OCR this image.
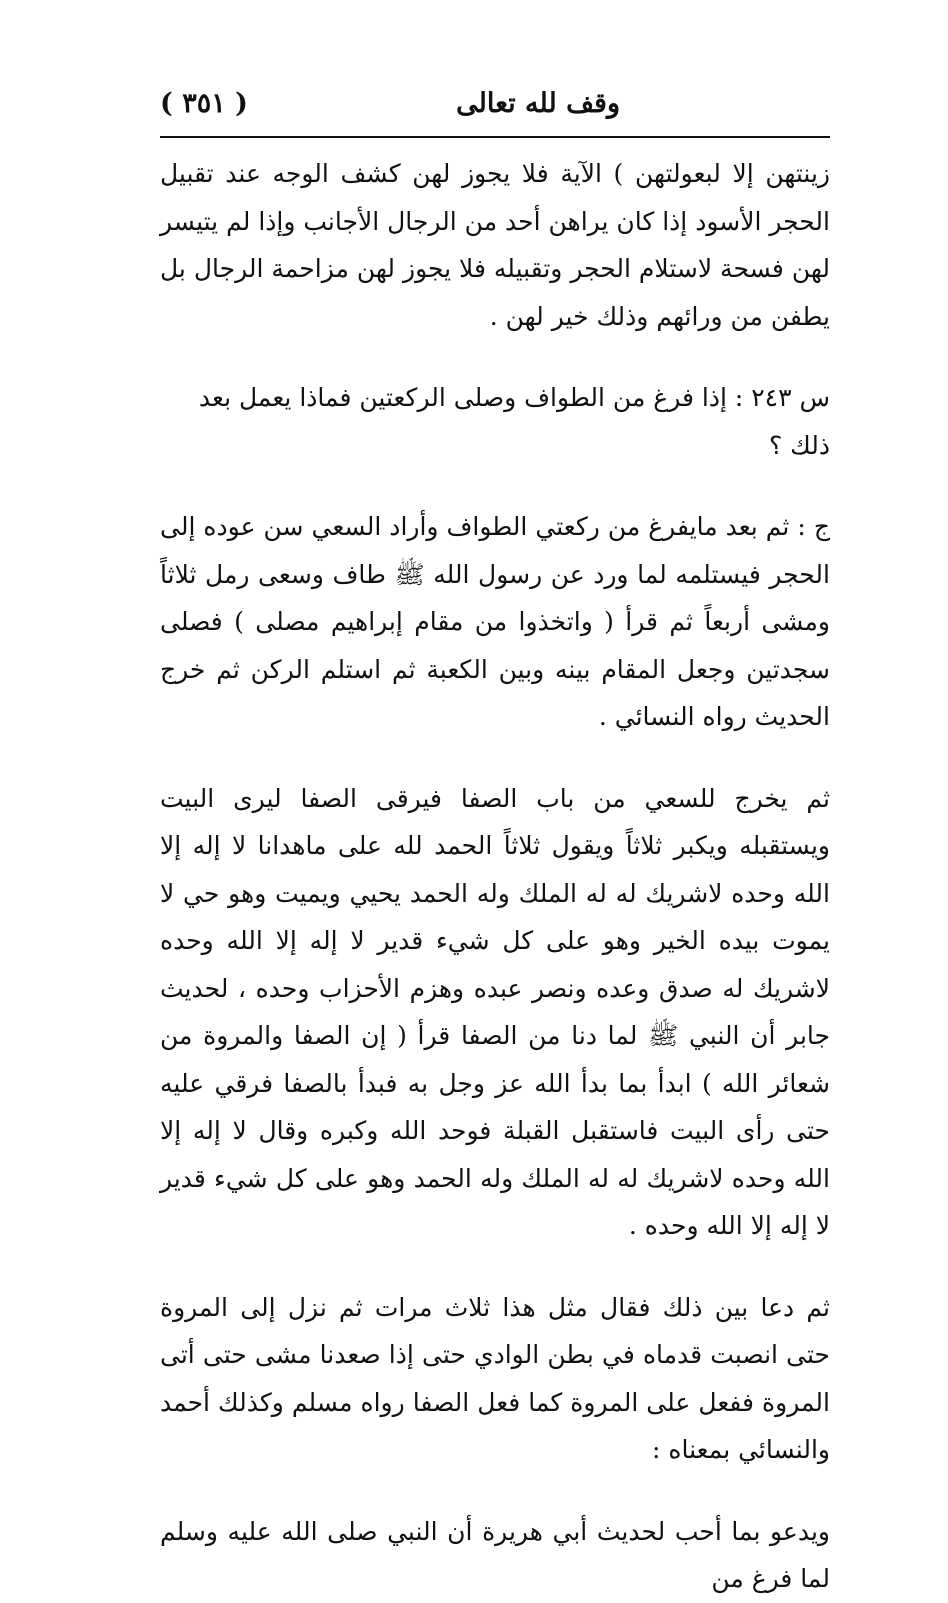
وقف لله تعالى
( ٣٥١ )

زينتهن إلا لبعولتهن ) الآية فلا يجوز لهن كشف الوجه عند تقبيل الحجر الأسود إذا كان يراهن أحد من الرجال الأجانب وإذا لم يتيسر لهن فسحة لاستلام الحجر وتقبيله فلا يجوز لهن مزاحمة الرجال بل يطفن من ورائهم وذلك خير لهن .

س ٢٤٣ : إذا فرغ من الطواف وصلى الركعتين فماذا يعمل بعد ذلك ؟

ج : ثم بعد مايفرغ من ركعتي الطواف وأراد السعي سن عوده إلى الحجر فيستلمه لما ورد عن رسول الله ﷺ طاف وسعى رمل ثلاثاً ومشى أربعاً ثم قرأ ( واتخذوا من مقام إبراهيم مصلى ) فصلى سجدتين وجعل المقام بينه وبين الكعبة ثم استلم الركن ثم خرج الحديث رواه النسائي .

ثم يخرج للسعي من باب الصفا فيرقى الصفا ليرى البيت ويستقبله ويكبر ثلاثاً ويقول ثلاثاً الحمد لله على ماهدانا لا إله إلا الله وحده لاشريك له له الملك وله الحمد يحيي ويميت وهو حي لا يموت بيده الخير وهو على كل شيء قدير لا إله إلا الله وحده لاشريك له صدق وعده ونصر عبده وهزم الأحزاب وحده ، لحديث جابر أن النبي ﷺ لما دنا من الصفا قرأ ( إن الصفا والمروة من شعائر الله ) ابدأ بما بدأ الله عز وجل به فبدأ بالصفا فرقي عليه حتى رأى البيت فاستقبل القبلة فوحد الله وكبره وقال لا إله إلا الله وحده لاشريك له له الملك وله الحمد وهو على كل شيء قدير لا إله إلا الله وحده .

ثم دعا بين ذلك فقال مثل هذا ثلاث مرات ثم نزل إلى المروة حتى انصبت قدماه في بطن الوادي حتى إذا صعدنا مشى حتى أتى المروة ففعل على المروة كما فعل الصفا رواه مسلم وكذلك أحمد والنسائي بمعناه :

ويدعو بما أحب لحديث أبي هريرة أن النبي صلى الله عليه وسلم لما فرغ من
